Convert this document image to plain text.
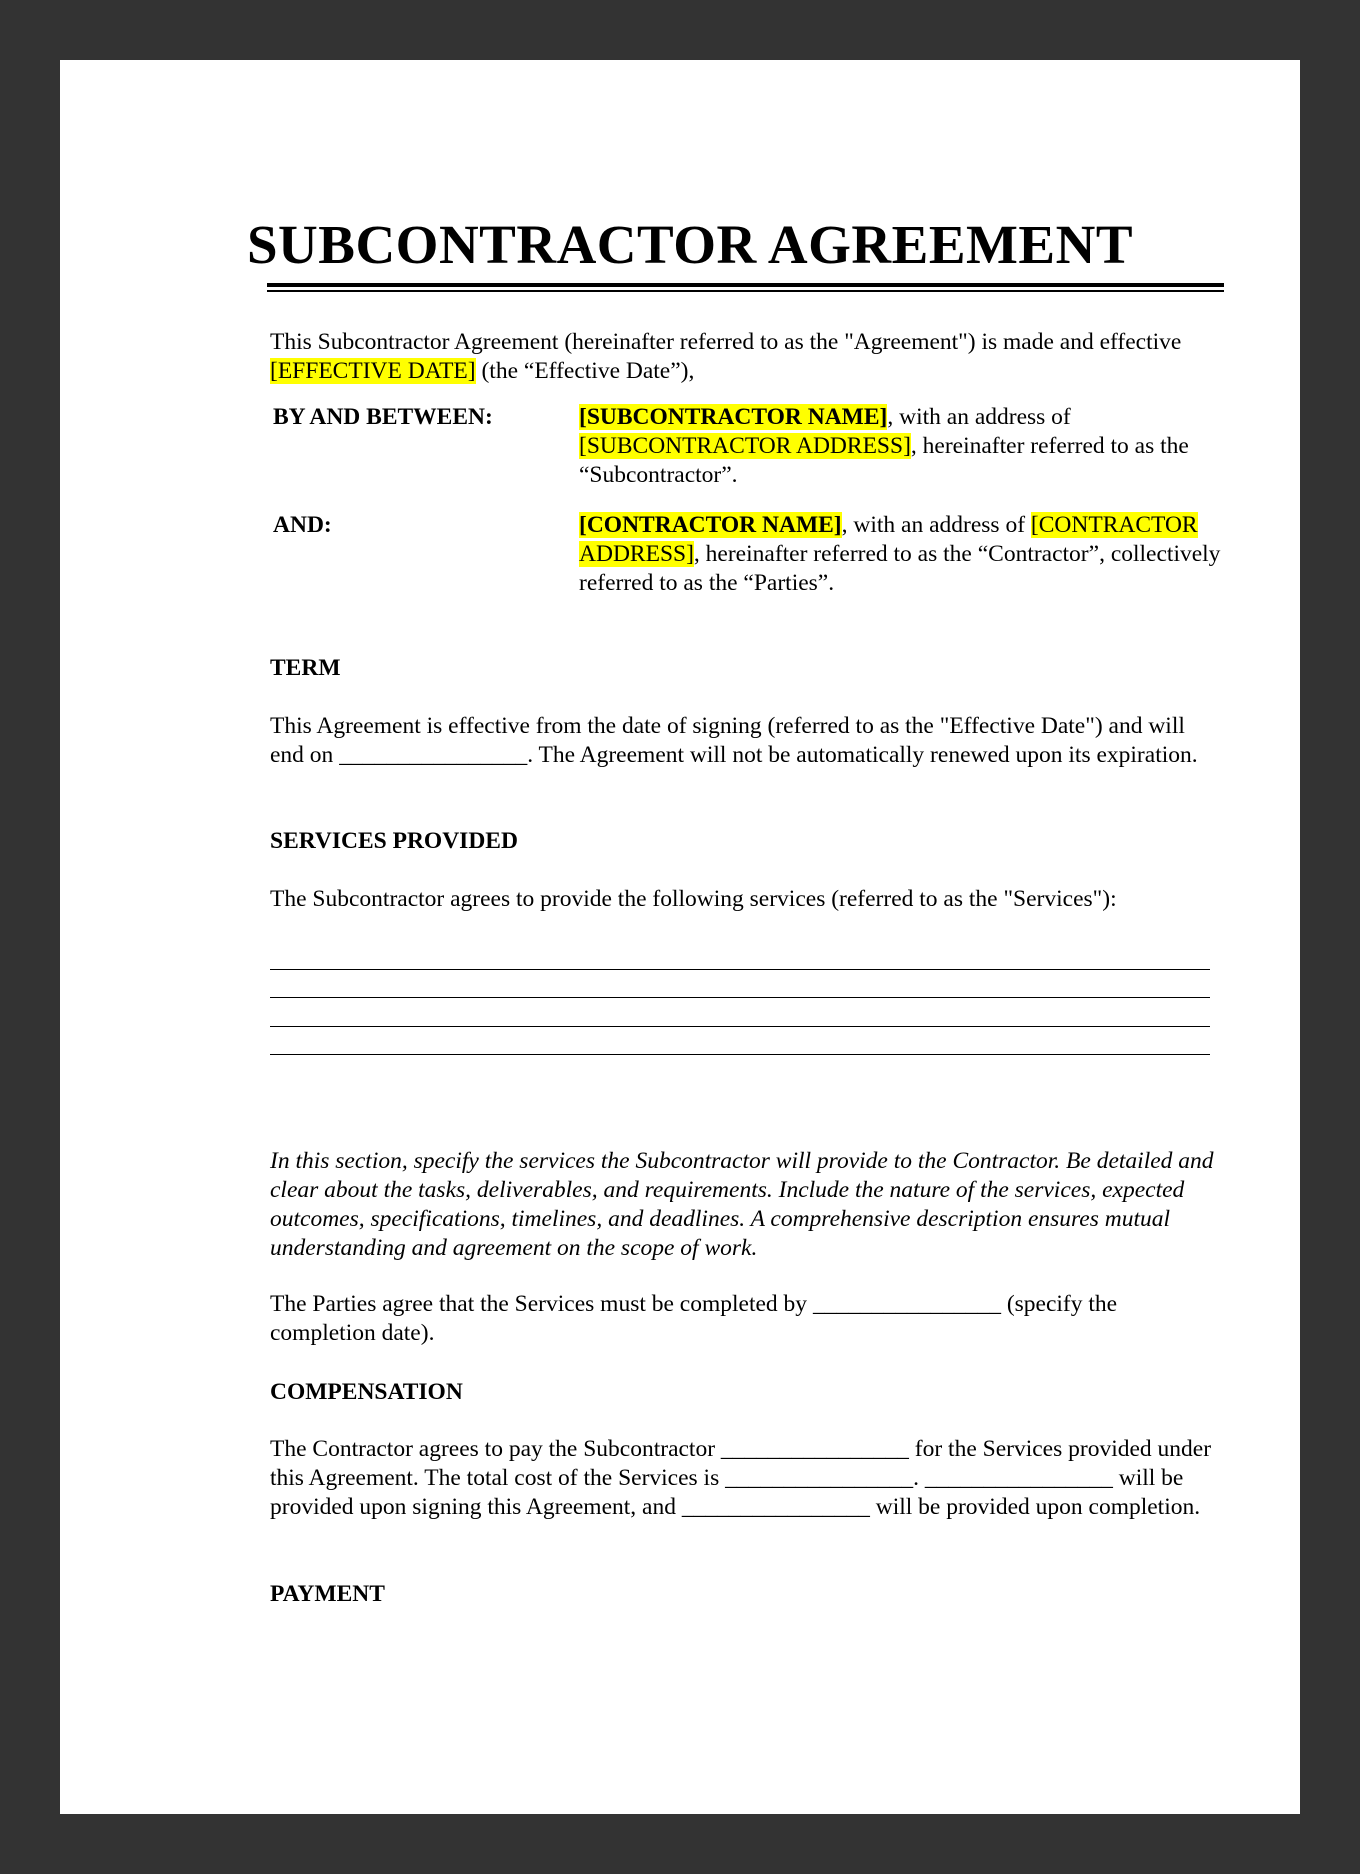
SUBCONTRACTOR AGREEMENT

This Subcontractor Agreement (hereinafter referred to as the "Agreement") is made and effective [EFFECTIVE DATE] (the “Effective Date”),

BY AND BETWEEN:	[SUBCONTRACTOR NAME], with an address of [SUBCONTRACTOR ADDRESS], hereinafter referred to as the “Subcontractor”.
AND:	[CONTRACTOR NAME], with an address of [CONTRACTOR ADDRESS], hereinafter referred to as the “Contractor”, collectively referred to as the “Parties”.
TERM

This Agreement is effective from the date of signing (referred to as the "Effective Date") and will end on ________________. The Agreement will not be automatically renewed upon its expiration.

SERVICES PROVIDED

The Subcontractor agrees to provide the following services (referred to as the "Services"):

In this section, specify the services the Subcontractor will provide to the Contractor. Be detailed and clear about the tasks, deliverables, and requirements. Include the nature of the services, expected outcomes, specifications, timelines, and deadlines. A comprehensive description ensures mutual understanding and agreement on the scope of work.

The Parties agree that the Services must be completed by ________________ (specify the completion date).

COMPENSATION

The Contractor agrees to pay the Subcontractor ________________ for the Services provided under this Agreement. The total cost of the Services is ________________. ________________ will be provided upon signing this Agreement, and ________________ will be provided upon completion.

PAYMENT
